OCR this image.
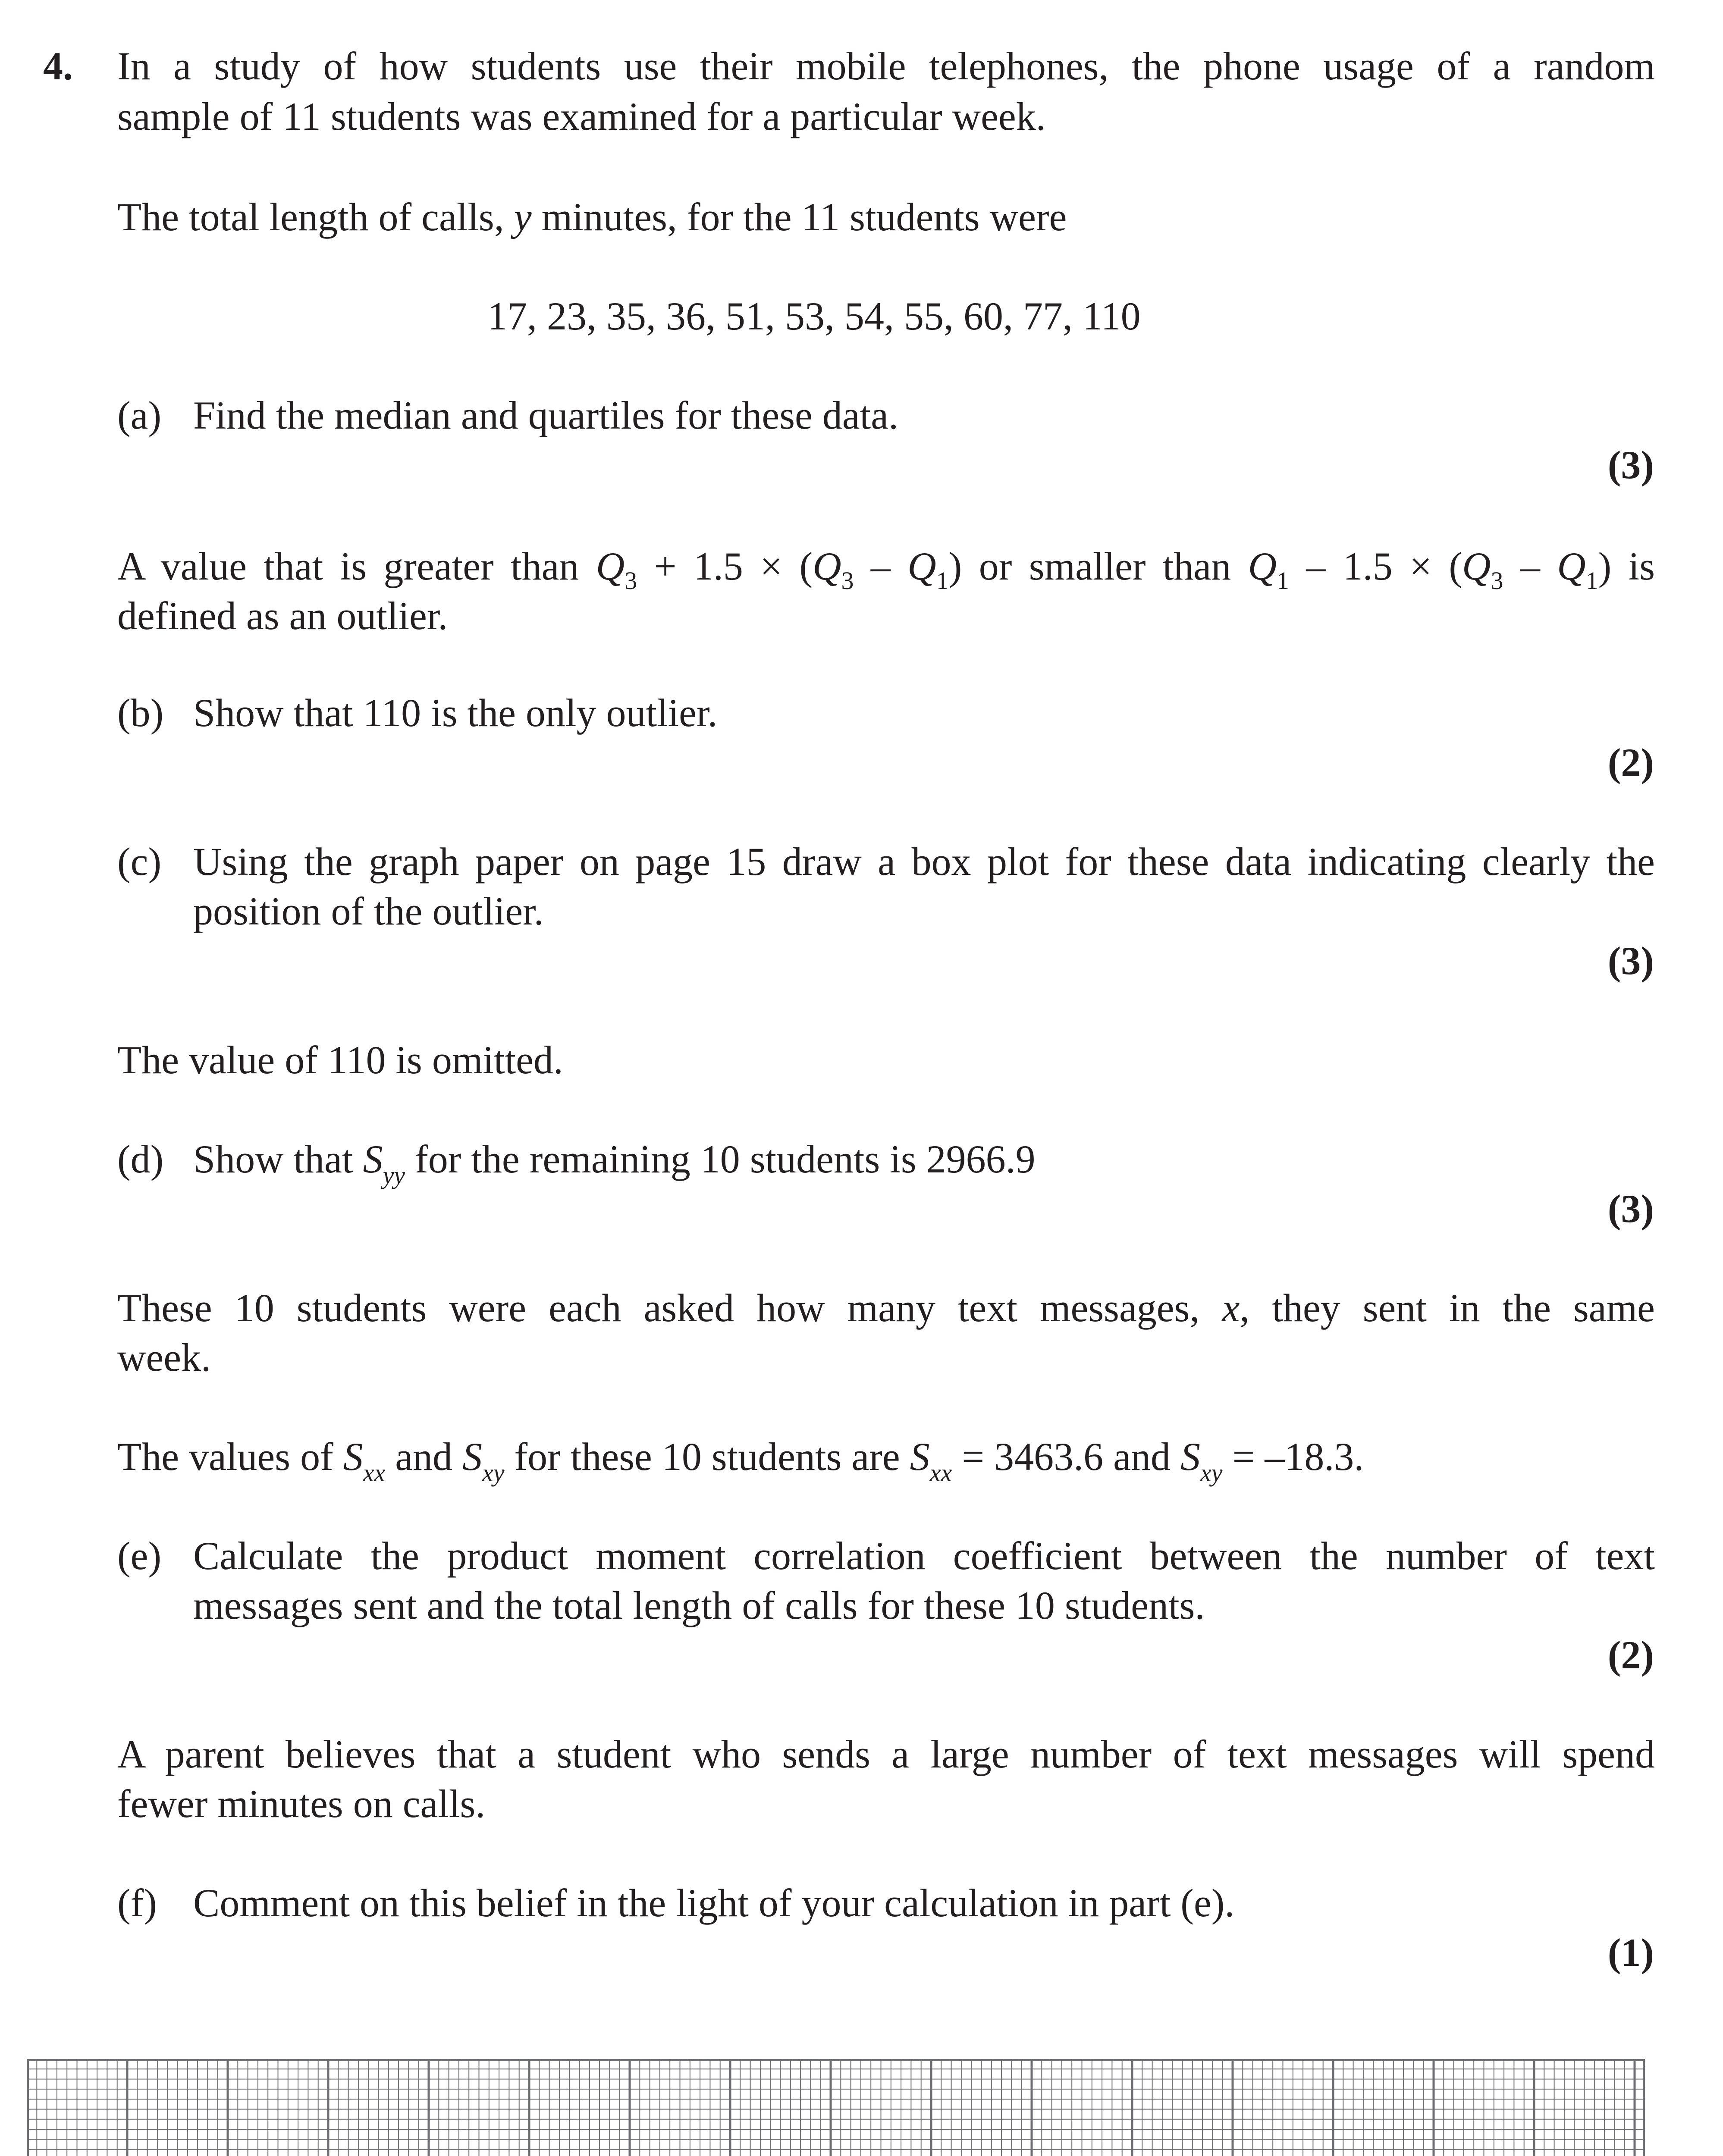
4. In a study of how students use their mobile telephones, the phone usage of a random
sample of 11 students was examined for a particular week.
The total length of calls, y minutes, for the 11 students were
17, 23, 35, 36, 51, 53, 54, 55, 60, 77, 110
(a) Find the median and quartiles for these data.
(3)
A value that is greater than $Q_3 + 1.5 \times (Q_3 - Q_1)$ or smaller than $Q_1 - 1.5 \times (Q_3 - Q_1)$ is
defined as an outlier.
(b) Show that 110 is the only outlier.
(2)
(c) Using the graph paper on page 15 draw a box plot for these data indicating clearly the
position of the outlier.
(3)
The value of 110 is omitted.
(d) Show that $S_{yy}$ for the remaining 10 students is 2966.9
(3)
These 10 students were each asked how many text messages, x, they sent in the same
week.
The values of $S_{xx}$ and $S_{xy}$ for these 10 students are $S_{xx} = 3463.6$ and $S_{xy} = -18.3$.
(e) Calculate the product moment correlation coefficient between the number of text
messages sent and the total length of calls for these 10 students.
(2)
A parent believes that a student who sends a large number of text messages will spend
fewer minutes on calls.
(f) Comment on this belief in the light of your calculation in part (e).
(1)
